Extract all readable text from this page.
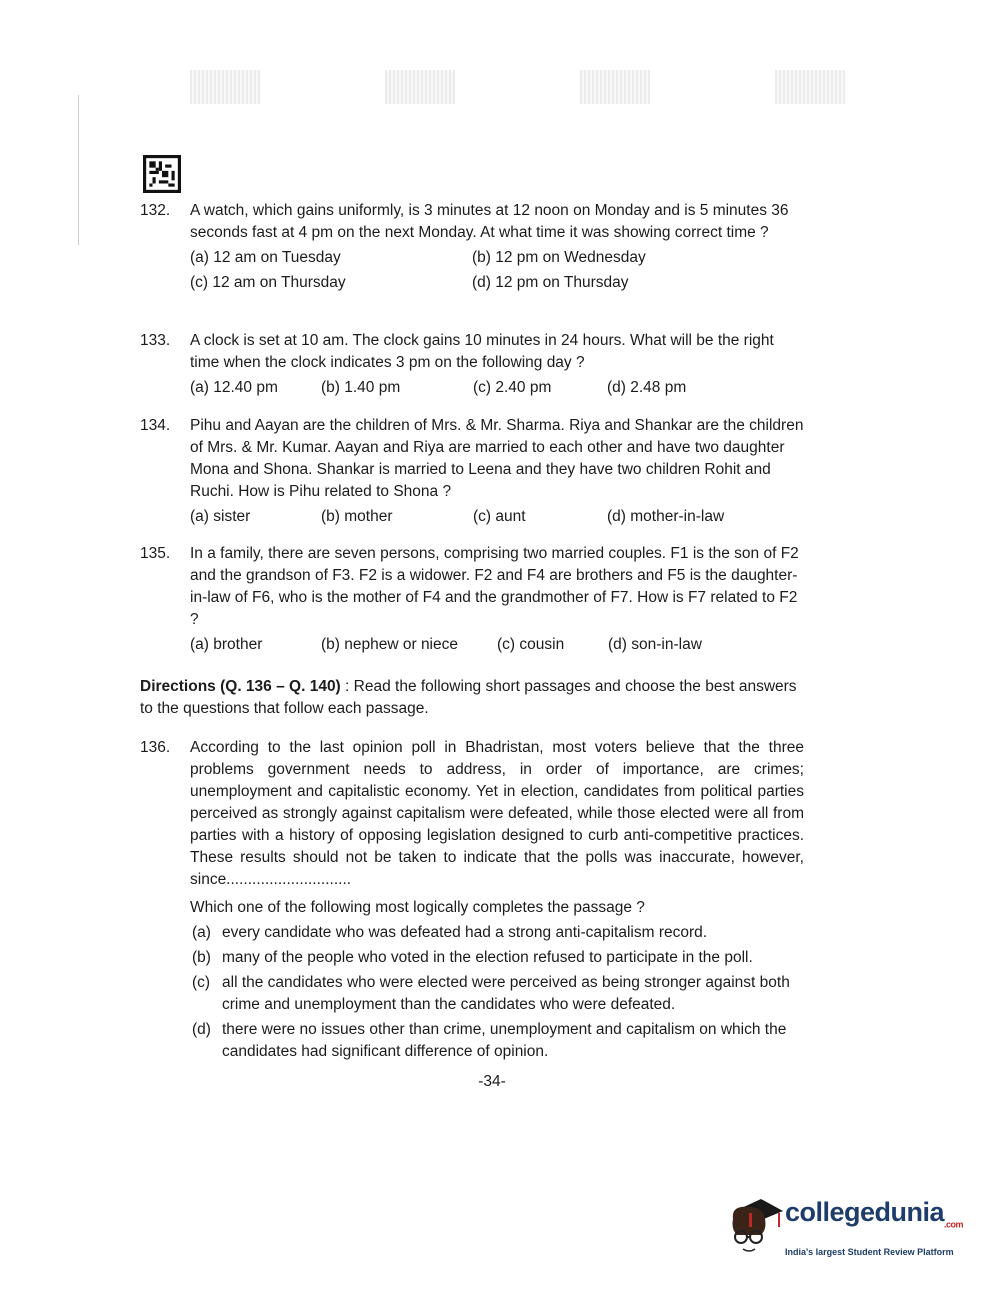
132. A watch, which gains uniformly, is 3 minutes at 12 noon on Monday and is 5 minutes 36 seconds fast at 4 pm on the next Monday. At what time it was showing correct time ?
(a) 12 am on Tuesday	(b) 12 pm on Wednesday
(c) 12 am on Thursday	(d) 12 pm on Thursday
133. A clock is set at 10 am. The clock gains 10 minutes in 24 hours. What will be the right time when the clock indicates 3 pm on the following day ?
(a) 12.40 pm	(b) 1.40 pm	(c) 2.40 pm	(d) 2.48 pm
134. Pihu and Aayan are the children of Mrs. & Mr. Sharma. Riya and Shankar are the children of Mrs. & Mr. Kumar. Aayan and Riya are married to each other and have two daughter Mona and Shona. Shankar is married to Leena and they have two children Rohit and Ruchi. How is Pihu related to Shona ?
(a) sister	(b) mother	(c) aunt	(d) mother-in-law
135. In a family, there are seven persons, comprising two married couples. F1 is the son of F2 and the grandson of F3. F2 is a widower. F2 and F4 are brothers and F5 is the daughter-in-law of F6, who is the mother of F4 and the grandmother of F7. How is F7 related to F2 ?
(a) brother	(b) nephew or niece	(c) cousin	(d) son-in-law
Directions (Q. 136 – Q. 140) : Read the following short passages and choose the best answers to the questions that follow each passage.
136. According to the last opinion poll in Bhadristan, most voters believe that the three problems government needs to address, in order of importance, are crimes; unemployment and capitalistic economy. Yet in election, candidates from political parties perceived as strongly against capitalism were defeated, while those elected were all from parties with a history of opposing legislation designed to curb anti-competitive practices. These results should not be taken to indicate that the polls was inaccurate, however, since.............................
Which one of the following most logically completes the passage ?
(a) every candidate who was defeated had a strong anti-capitalism record.
(b) many of the people who voted in the election refused to participate in the poll.
(c) all the candidates who were elected were perceived as being stronger against both crime and unemployment than the candidates who were defeated.
(d) there were no issues other than crime, unemployment and capitalism on which the candidates had significant difference of opinion.
-34-
collegedunia$_{.com}$
India's largest Student Review Platform
